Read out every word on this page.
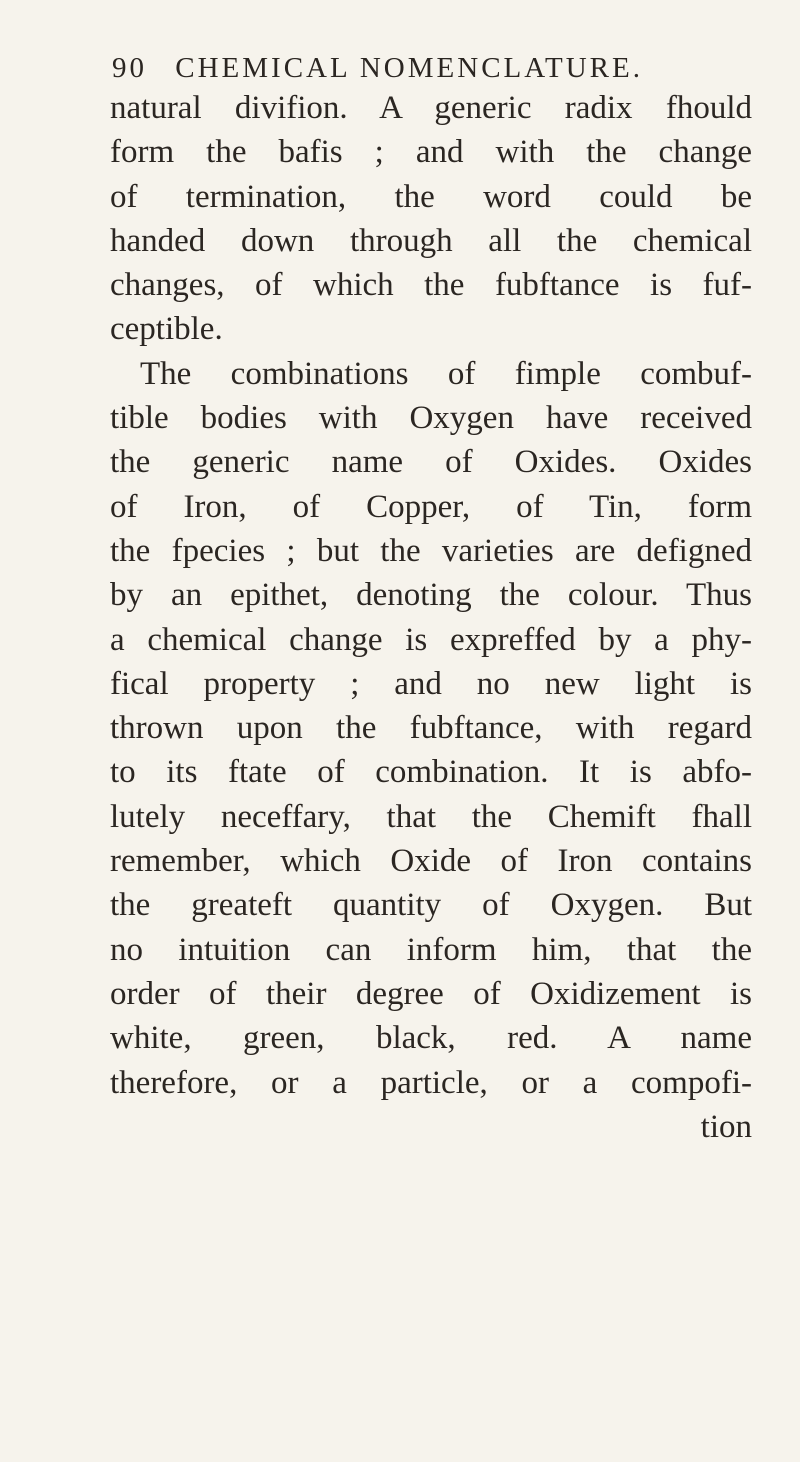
90 CHEMICAL NOMENCLATURE.
natural divifion. A generic radix fhould
form the bafis ; and with the change
of termination, the word could be
handed down through all the chemical
changes, of which the fubftance is fuf-
ceptible.
The combinations of fimple combuf-
tible bodies with Oxygen have received
the generic name of Oxides. Oxides
of Iron, of Copper, of Tin, form
the fpecies ; but the varieties are defigned
by an epithet, denoting the colour. Thus
a chemical change is expreffed by a phy-
fical property ; and no new light is
thrown upon the fubftance, with regard
to its ftate of combination. It is abfo-
lutely neceffary, that the Chemift fhall
remember, which Oxide of Iron contains
the greateft quantity of Oxygen. But
no intuition can inform him, that the
order of their degree of Oxidizement is
white, green, black, red. A name
therefore, or a particle, or a compofi-
tion
